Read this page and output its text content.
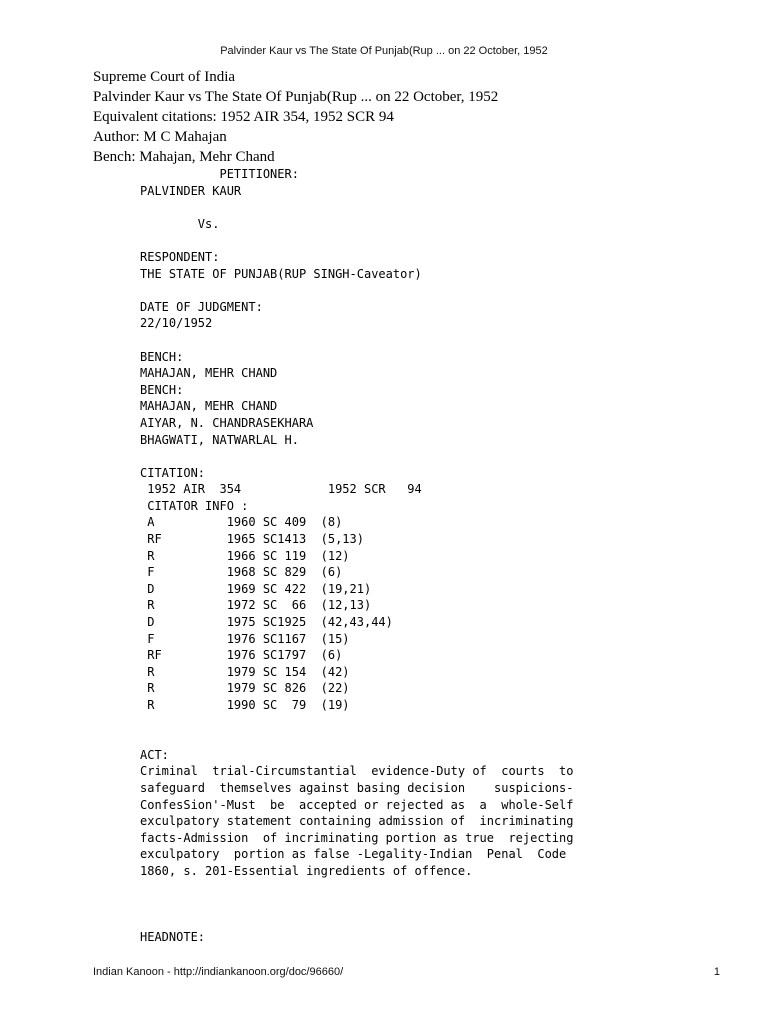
Palvinder Kaur vs The State Of Punjab(Rup ... on 22 October, 1952
Supreme Court of India
Palvinder Kaur vs The State Of Punjab(Rup ... on 22 October, 1952
Equivalent citations: 1952 AIR 354, 1952 SCR 94
Author: M C Mahajan
Bench: Mahajan, Mehr Chand
PETITIONER:
PALVINDER KAUR
Vs.
RESPONDENT:
THE STATE OF PUNJAB(RUP SINGH-Caveator)
DATE OF JUDGMENT:
22/10/1952
BENCH:
MAHAJAN, MEHR CHAND
BENCH:
MAHAJAN, MEHR CHAND
AIYAR, N. CHANDRASEKHARA
BHAGWATI, NATWARLAL H.
CITATION:
1952 AIR  354            1952 SCR   94
CITATOR INFO :
A          1960 SC 409  (8)
RF         1965 SC1413  (5,13)
R          1966 SC 119  (12)
F          1968 SC 829  (6)
D          1969 SC 422  (19,21)
R          1972 SC  66  (12,13)
D          1975 SC1925  (42,43,44)
F          1976 SC1167  (15)
RF         1976 SC1797  (6)
R          1979 SC 154  (42)
R          1979 SC 826  (22)
R          1990 SC  79  (19)
ACT:
Criminal  trial-Circumstantial  evidence-Duty of  courts  to
safeguard  themselves against basing decision    suspicions-
ConfesSion'-Must  be  accepted or rejected as  a  whole-Self
exculpatory statement containing admission of  incriminating
facts-Admission  of incriminating portion as true  rejecting
exculpatory  portion as false -Legality-Indian  Penal  Code
1860, s. 201-Essential ingredients of offence.
HEADNOTE:
Indian Kanoon - http://indiankanoon.org/doc/96660/	1
